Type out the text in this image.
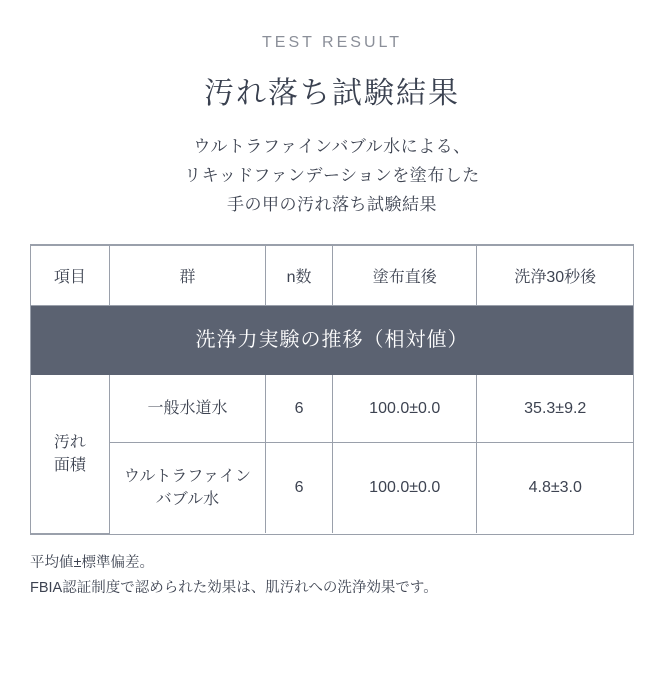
TEST RESULT
汚れ落ち試験結果
ウルトラファインバブル水による、
リキッドファンデーションを塗布した
手の甲の汚れ落ち試験結果
洗浄力実験の推移（相対値）				
項目	群	n数	塗布直後	洗浄30秒後
汚れ
面積	一般水道水	6	100.0±0.0	35.3±9.2
	ウルトラファイン
バブル水	6	100.0±0.0	4.8±3.0
平均値±標準偏差。
FBIA認証制度で認められた効果は、肌汚れへの洗浄効果です。
